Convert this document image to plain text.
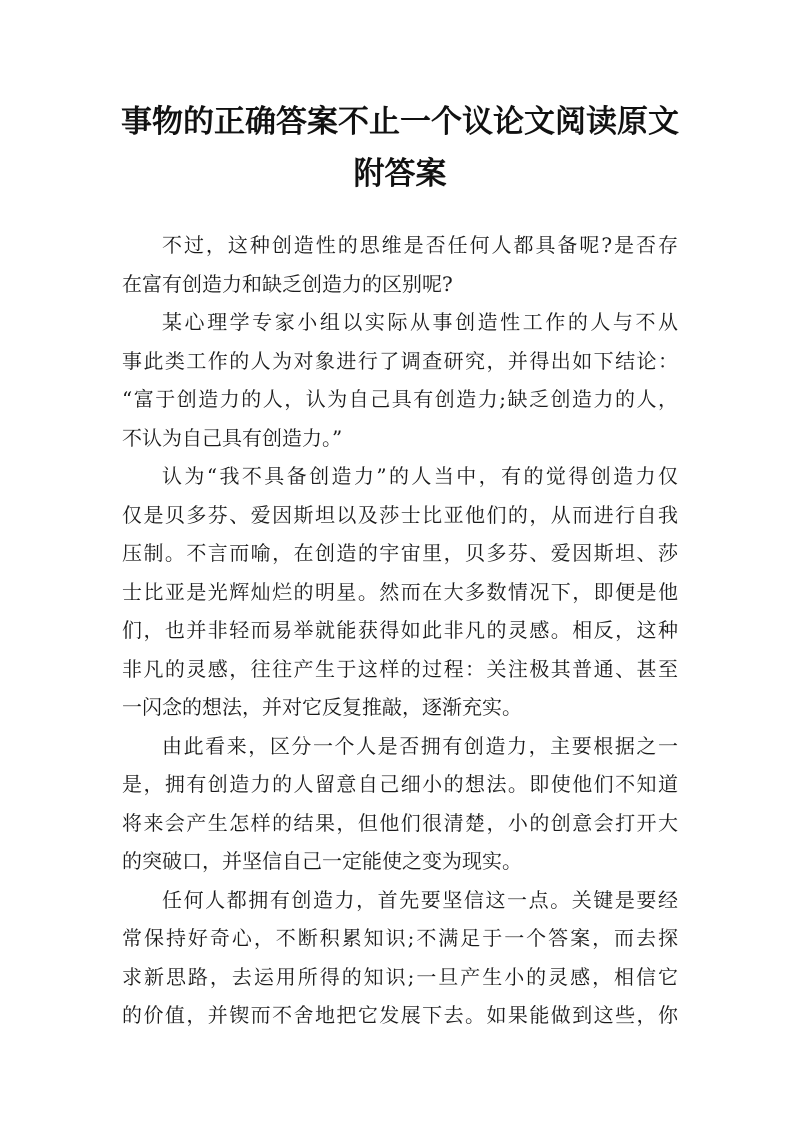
事物的正确答案不止一个议论文阅读原文
附答案
不过，这种创造性的思维是否任何人都具备呢?是否存
在富有创造力和缺乏创造力的区别呢?
某心理学专家小组以实际从事创造性工作的人与不从
事此类工作的人为对象进行了调查研究，并得出如下结论：
“富于创造力的人，认为自己具有创造力;缺乏创造力的人，
不认为自己具有创造力。”
认为“我不具备创造力”的人当中，有的觉得创造力仅
仅是贝多芬、爱因斯坦以及莎士比亚他们的，从而进行自我
压制。不言而喻，在创造的宇宙里，贝多芬、爱因斯坦、莎
士比亚是光辉灿烂的明星。然而在大多数情况下，即便是他
们，也并非轻而易举就能获得如此非凡的灵感。相反，这种
非凡的灵感，往往产生于这样的过程：关注极其普通、甚至
一闪念的想法，并对它反复推敲，逐渐充实。
由此看来，区分一个人是否拥有创造力，主要根据之一
是，拥有创造力的人留意自己细小的想法。即使他们不知道
将来会产生怎样的结果，但他们很清楚，小的创意会打开大
的突破口，并坚信自己一定能使之变为现实。
任何人都拥有创造力，首先要坚信这一点。关键是要经
常保持好奇心，不断积累知识;不满足于一个答案，而去探
求新思路，去运用所得的知识;一旦产生小的灵感，相信它
的价值，并锲而不舍地把它发展下去。如果能做到这些，你
